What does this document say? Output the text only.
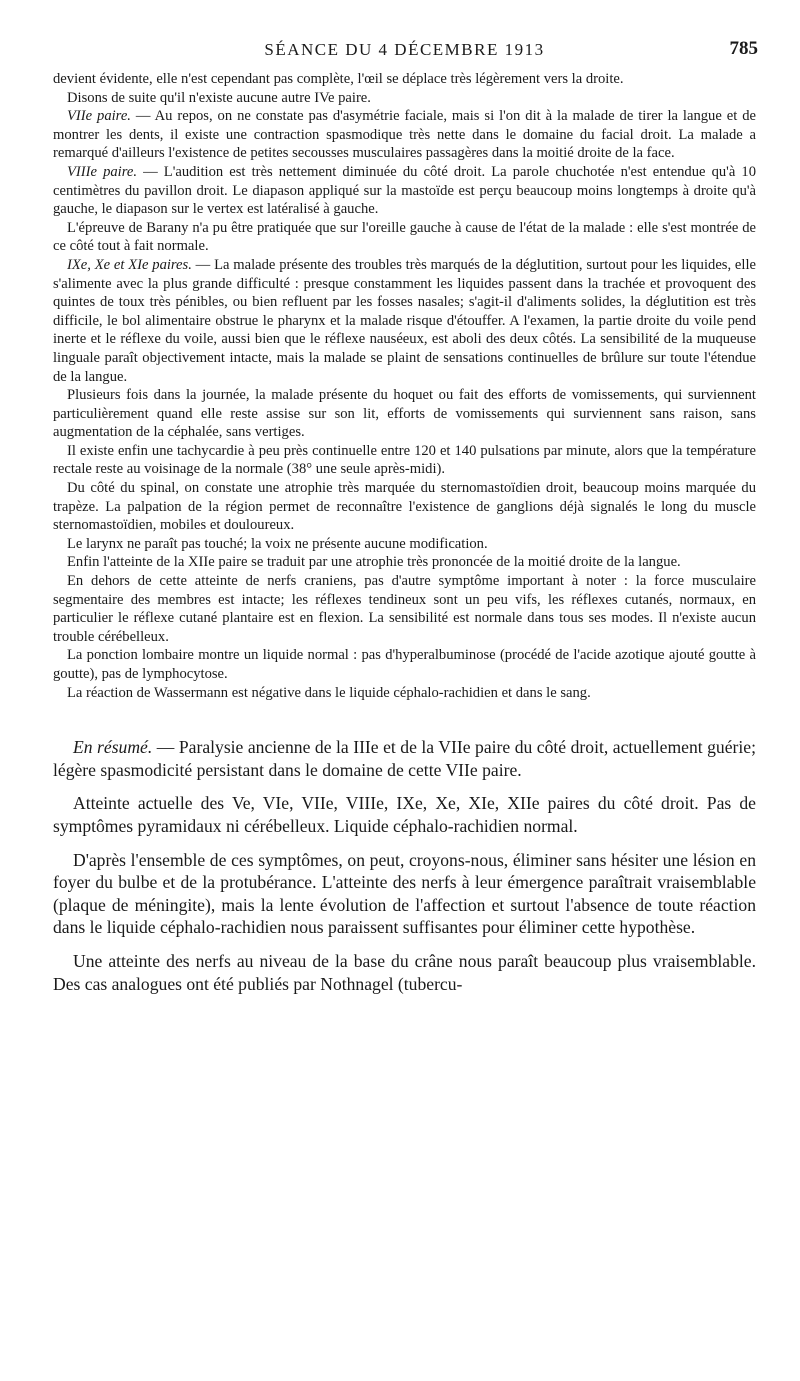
SÉANCE DU 4 DÉCEMBRE 1913	785

devient évidente, elle n'est cependant pas complète, l'œil se déplace très légèrement vers la droite.

Disons de suite qu'il n'existe aucune autre IVe paire.

VIIe paire. — Au repos, on ne constate pas d'asymétrie faciale, mais si l'on dit à la malade de tirer la langue et de montrer les dents, il existe une contraction spasmodique très nette dans le domaine du facial droit. La malade a remarqué d'ailleurs l'existence de petites secousses musculaires passagères dans la moitié droite de la face.

VIIIe paire. — L'audition est très nettement diminuée du côté droit. La parole chuchotée n'est entendue qu'à 10 centimètres du pavillon droit. Le diapason appliqué sur la mastoïde est perçu beaucoup moins longtemps à droite qu'à gauche, le diapason sur le vertex est latéralisé à gauche.

L'épreuve de Barany n'a pu être pratiquée que sur l'oreille gauche à cause de l'état de la malade : elle s'est montrée de ce côté tout à fait normale.

IXe, Xe et XIe paires. — La malade présente des troubles très marqués de la déglutition, surtout pour les liquides, elle s'alimente avec la plus grande difficulté : presque constamment les liquides passent dans la trachée et provoquent des quintes de toux très pénibles, ou bien refluent par les fosses nasales; s'agit-il d'aliments solides, la déglutition est très difficile, le bol alimentaire obstrue le pharynx et la malade risque d'étouffer. A l'examen, la partie droite du voile pend inerte et le réflexe du voile, aussi bien que le réflexe nauséeux, est aboli des deux côtés. La sensibilité de la muqueuse linguale paraît objectivement intacte, mais la malade se plaint de sensations continuelles de brûlure sur toute l'étendue de la langue.

Plusieurs fois dans la journée, la malade présente du hoquet ou fait des efforts de vomissements, qui surviennent particulièrement quand elle reste assise sur son lit, efforts de vomissements qui surviennent sans raison, sans augmentation de la céphalée, sans vertiges.

Il existe enfin une tachycardie à peu près continuelle entre 120 et 140 pulsations par minute, alors que la température rectale reste au voisinage de la normale (38° une seule après-midi).

Du côté du spinal, on constate une atrophie très marquée du sternomastoïdien droit, beaucoup moins marquée du trapèze. La palpation de la région permet de reconnaître l'existence de ganglions déjà signalés le long du muscle sternomastoïdien, mobiles et douloureux.

Le larynx ne paraît pas touché; la voix ne présente aucune modification.

Enfin l'atteinte de la XIIe paire se traduit par une atrophie très prononcée de la moitié droite de la langue.

En dehors de cette atteinte de nerfs craniens, pas d'autre symptôme important à noter : la force musculaire segmentaire des membres est intacte; les réflexes tendineux sont un peu vifs, les réflexes cutanés, normaux, en particulier le réflexe cutané plantaire est en flexion. La sensibilité est normale dans tous ses modes. Il n'existe aucun trouble cérébelleux.

La ponction lombaire montre un liquide normal : pas d'hyperalbuminose (procédé de l'acide azotique ajouté goutte à goutte), pas de lymphocytose.

La réaction de Wassermann est négative dans le liquide céphalo-rachidien et dans le sang.

En résumé. — Paralysie ancienne de la IIIe et de la VIIe paire du côté droit, actuellement guérie; légère spasmodicité persistant dans le domaine de cette VIIe paire.

Atteinte actuelle des Ve, VIe, VIIe, VIIIe, IXe, Xe, XIe, XIIe paires du côté droit. Pas de symptômes pyramidaux ni cérébelleux. Liquide céphalo-rachidien normal.

D'après l'ensemble de ces symptômes, on peut, croyons-nous, éliminer sans hésiter une lésion en foyer du bulbe et de la protubérance. L'atteinte des nerfs à leur émergence paraîtrait vraisemblable (plaque de méningite), mais la lente évolution de l'affection et surtout l'absence de toute réaction dans le liquide céphalo-rachidien nous paraissent suffisantes pour éliminer cette hypothèse.

Une atteinte des nerfs au niveau de la base du crâne nous paraît beaucoup plus vraisemblable. Des cas analogues ont été publiés par Nothnagel (tubercu-
